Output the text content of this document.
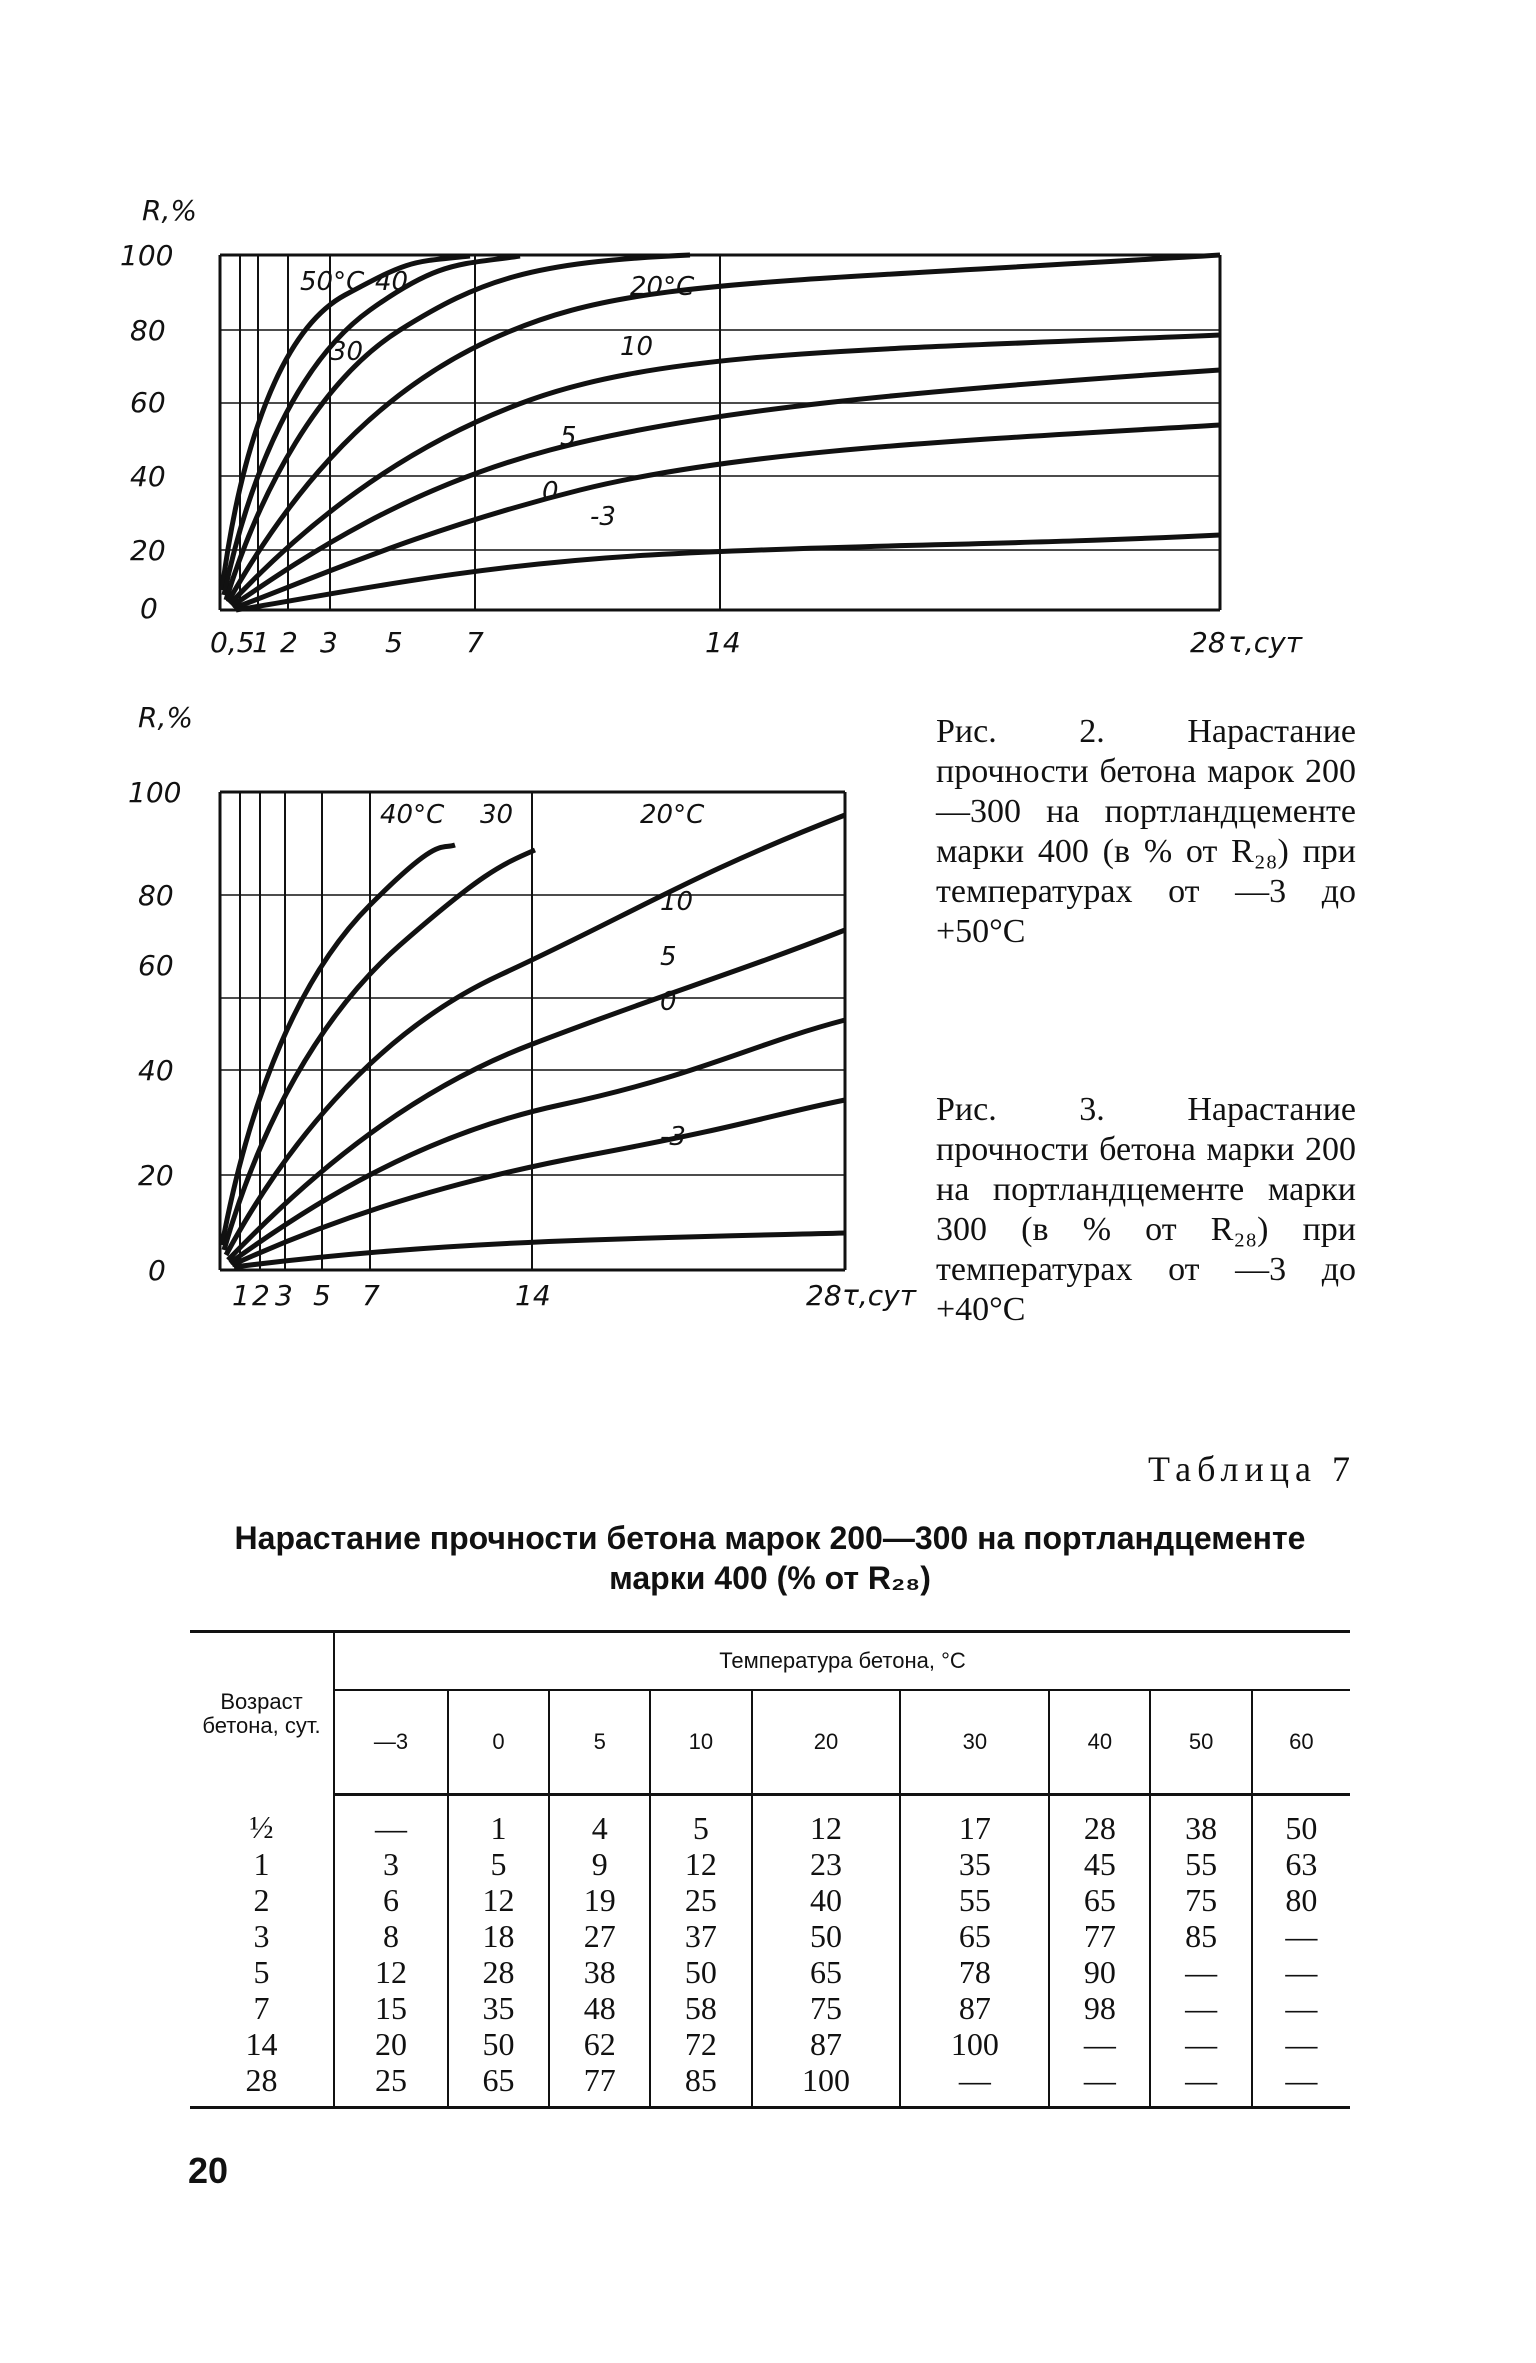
R,%
0
20
40
60
80
100
0,5
1 2 3 5 7	14	28 τ,сут
50°C 40
30
20°C
10
5
0
-3
R,%
0
20
40
60
80
100
1 2 3 5 7	14	28 τ,сут
40°C 30	20°C
10
5
0
-3
Рис. 2. Нарастание прочности бетона марок 200—300 на портландцементе марки 400 (в % от R₂₈) при температурах от —3 до +50°C
Рис. 3. Нарастание прочности бетона марки 200 на портландцементе марки 300 (в % от R₂₈) при температурах от —3 до +40°C
Таблица 7
Нарастание прочности бетона марок 200—300 на портландцементе марки 400 (% от R₂₈)
Возраст бетона, сут.	Температура бетона, °C								
	—3	0	5	10	20	30	40	50	60
½	—	1	4	5	12	17	28	38	50
1	3	5	9	12	23	35	45	55	63
2	6	12	19	25	40	55	65	75	80
3	8	18	27	37	50	65	77	85	—
5	12	28	38	50	65	78	90	—	—
7	15	35	48	58	75	87	98	—	—
14	20	50	62	72	87	100	—	—	—
28	25	65	77	85	100	—	—	—	—
20
